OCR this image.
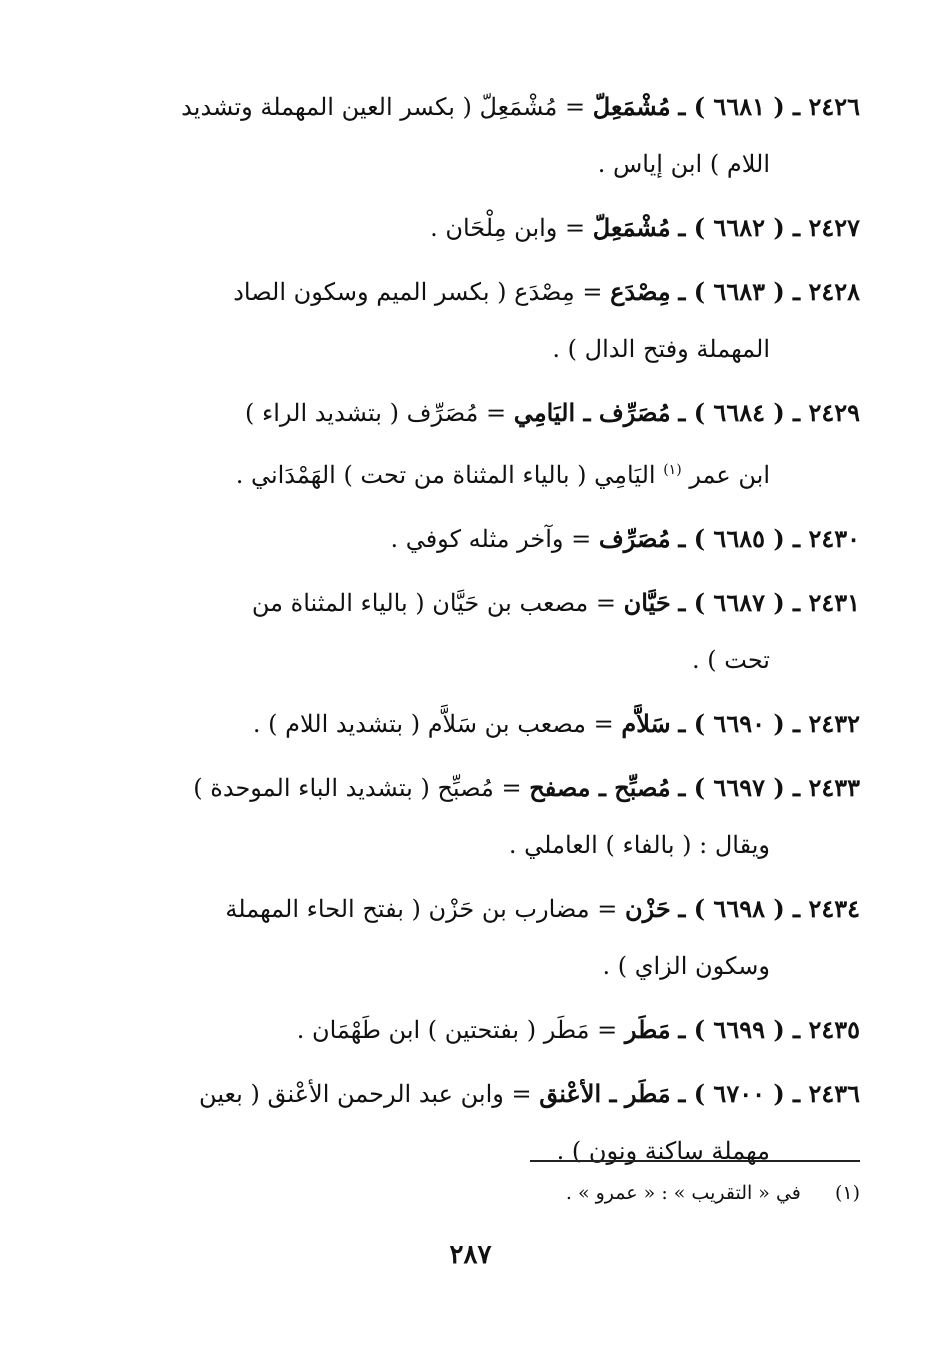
٢٤٢٦ ـ ( ٦٦٨١ ) ـ مُشْمَعِلّ = مُشْمَعِلّ ( بكسر العين المهملة وتشديد
اللام ) ابن إياس .

٢٤٢٧ ـ ( ٦٦٨٢ ) ـ مُشْمَعِلّ = وابن مِلْحَان .

٢٤٢٨ ـ ( ٦٦٨٣ ) ـ مِصْدَع = مِصْدَع ( بكسر الميم وسكون الصاد
المهملة وفتح الدال ) .

٢٤٢٩ ـ ( ٦٦٨٤ ) ـ مُصَرِّف ـ اليَامِي = مُصَرِّف ( بتشديد الراء )
ابن عمر $^{(١)}$ اليَامِي ( بالياء المثناة من تحت ) الهَمْدَاني .

٢٤٣٠ ـ ( ٦٦٨٥ ) ـ مُصَرِّف = وآخر مثله كوفي .

٢٤٣١ ـ ( ٦٦٨٧ ) ـ حَيَّان = مصعب بن حَيَّان ( بالياء المثناة من
تحت ) .

٢٤٣٢ ـ ( ٦٦٩٠ ) ـ سَلاَّم = مصعب بن سَلاَّم ( بتشديد اللام ) .

٢٤٣٣ ـ ( ٦٦٩٧ ) ـ مُصبِّح ـ مصفح = مُصبِّح ( بتشديد الباء الموحدة )
ويقال : ( بالفاء ) العاملي .

٢٤٣٤ ـ ( ٦٦٩٨ ) ـ حَزْن = مضارب بن حَزْن ( بفتح الحاء المهملة
وسكون الزاي ) .

٢٤٣٥ ـ ( ٦٦٩٩ ) ـ مَطَر = مَطَر ( بفتحتين ) ابن طَهْمَان .

٢٤٣٦ ـ ( ٦٧٠٠ ) ـ مَطَر ـ الأعْنق = وابن عبد الرحمن الأعْنق ( بعين
مهملة ساكنة ونون ) .

(١) في « التقريب » : « عمرو » .
٢٨٧
